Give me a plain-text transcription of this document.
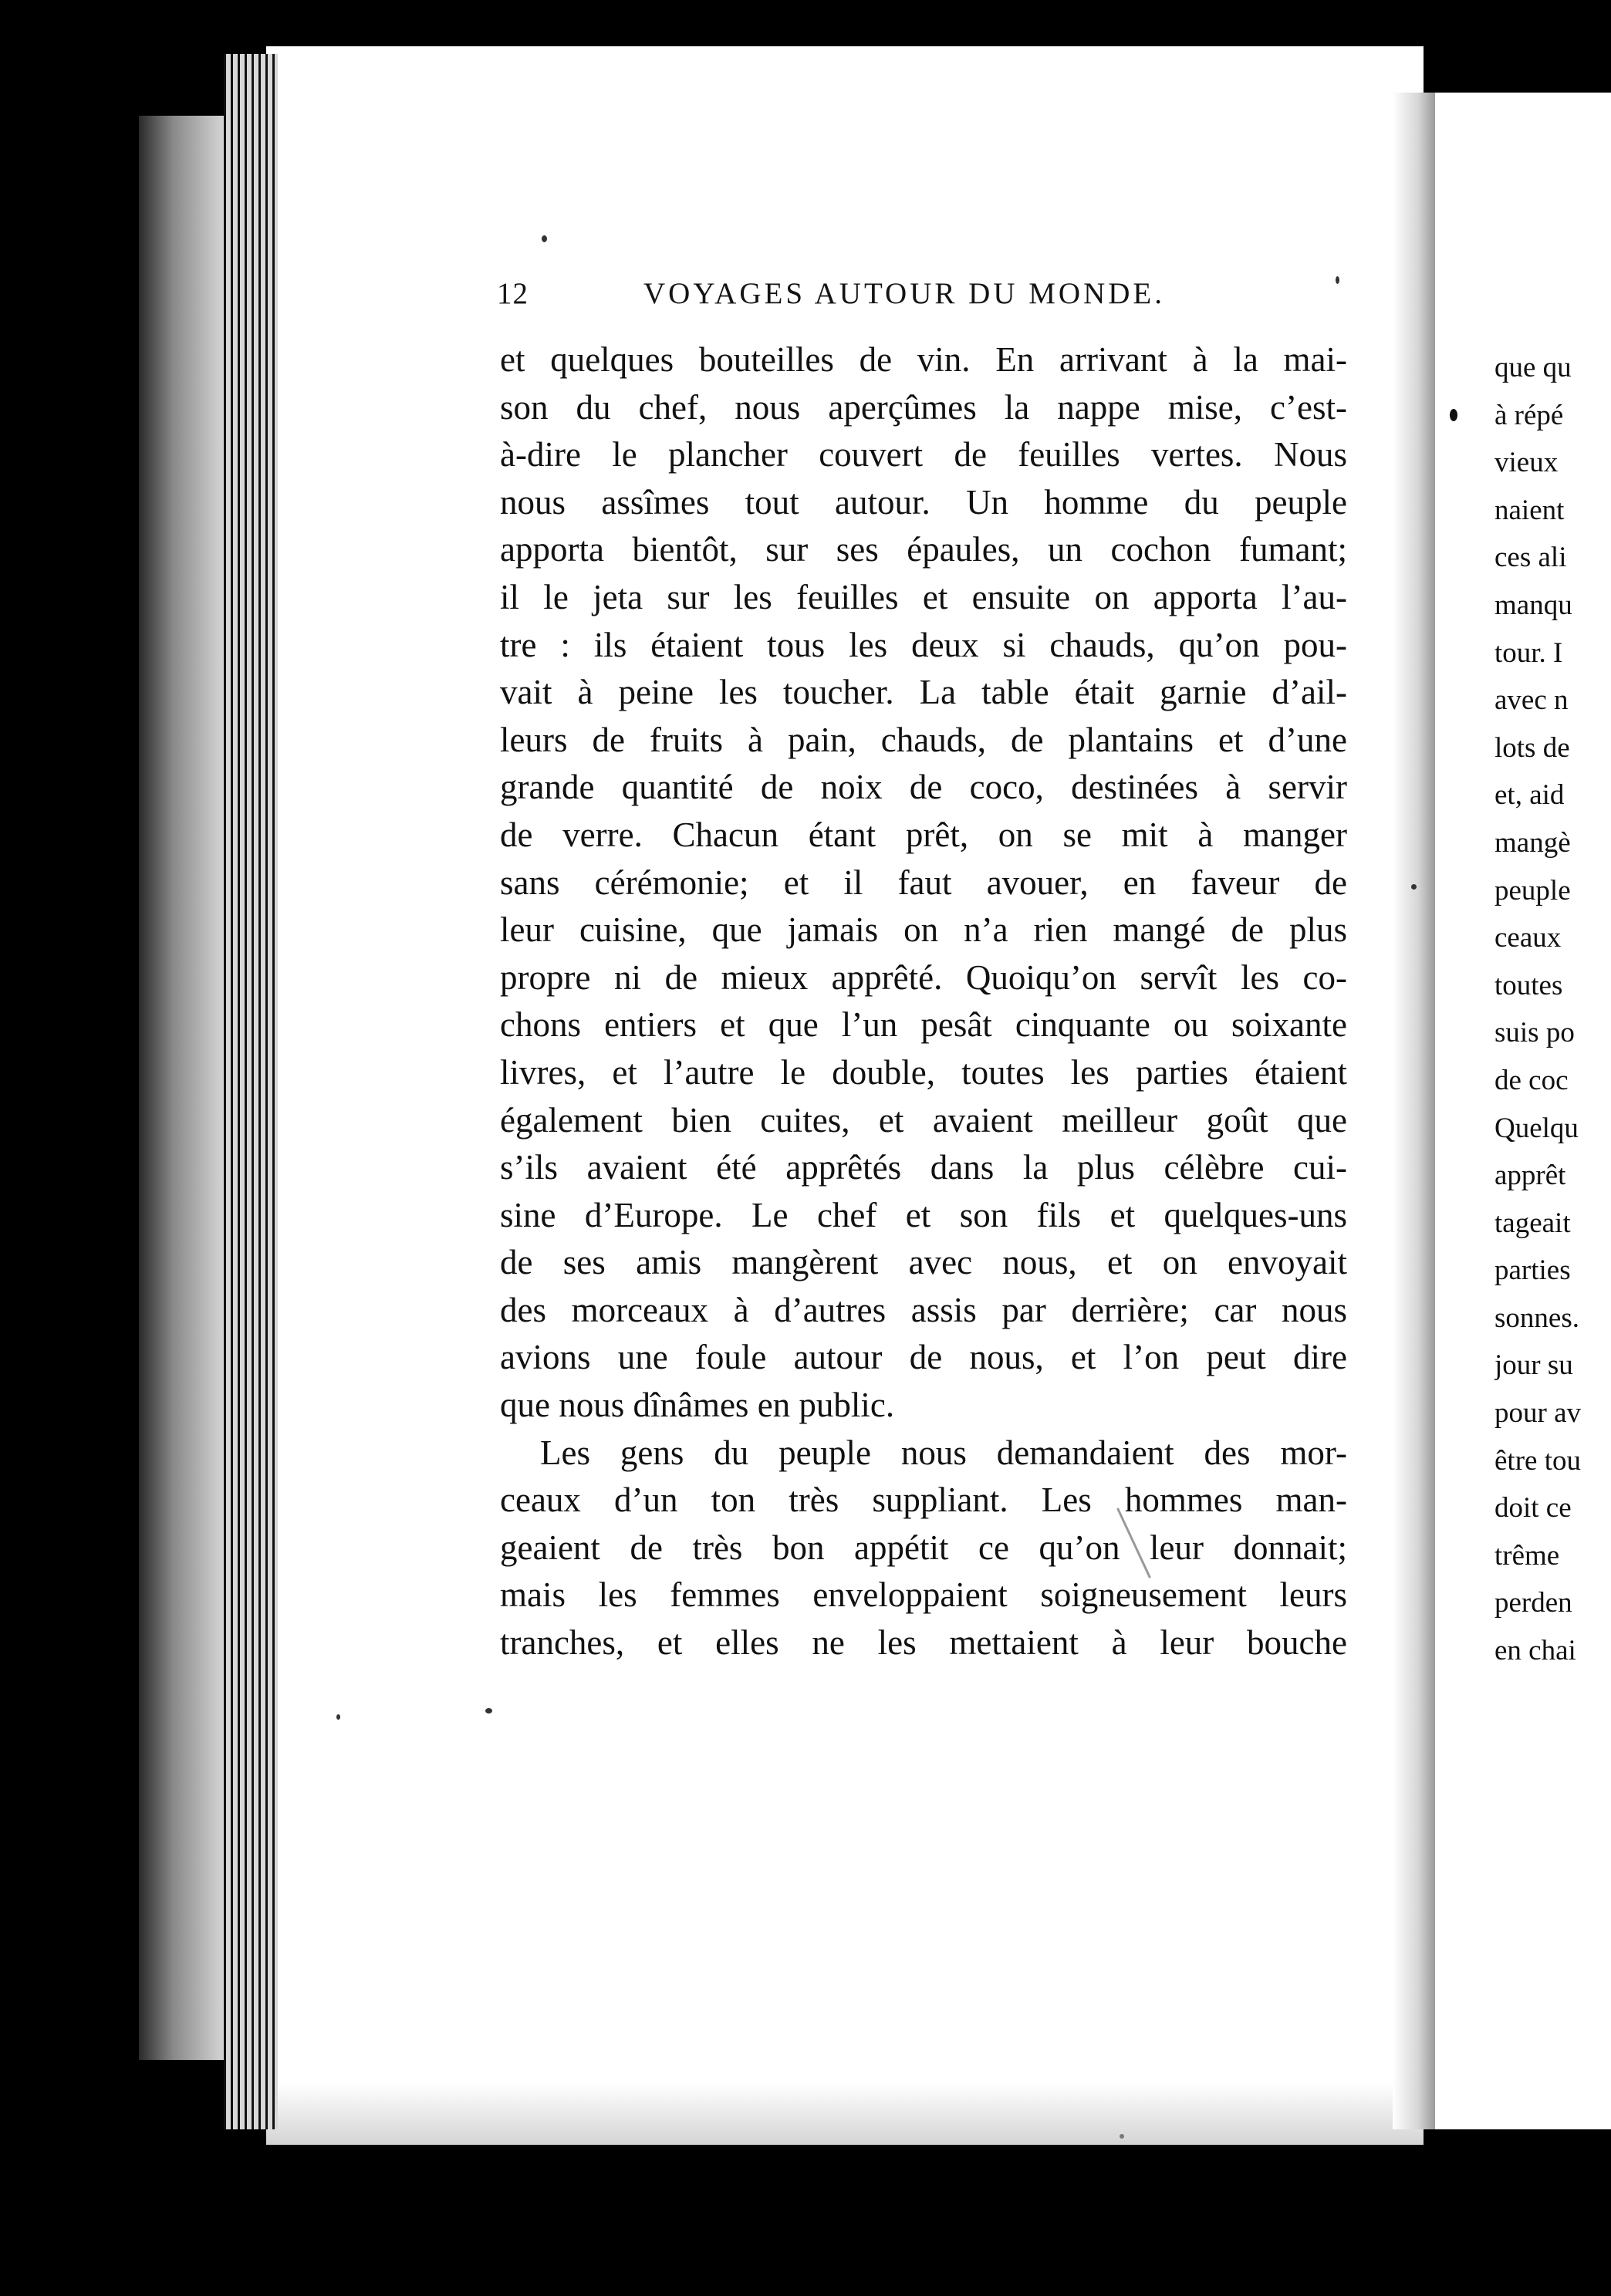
12	VOYAGES AUTOUR DU MONDE.
et quelques bouteilles de vin. En arrivant à la mai-
son du chef, nous aperçûmes la nappe mise, c’est-
à-dire le plancher couvert de feuilles vertes. Nous
nous assîmes tout autour. Un homme du peuple
apporta bientôt, sur ses épaules, un cochon fumant;
il le jeta sur les feuilles et ensuite on apporta l’au-
tre : ils étaient tous les deux si chauds, qu’on pou-
vait à peine les toucher. La table était garnie d’ail-
leurs de fruits à pain, chauds, de plantains et d’une
grande quantité de noix de coco, destinées à servir
de verre. Chacun étant prêt, on se mit à manger
sans cérémonie; et il faut avouer, en faveur de
leur cuisine, que jamais on n’a rien mangé de plus
propre ni de mieux apprêté. Quoiqu’on servît les co-
chons entiers et que l’un pesât cinquante ou soixante
livres, et l’autre le double, toutes les parties étaient
également bien cuites, et avaient meilleur goût que
s’ils avaient été apprêtés dans la plus célèbre cui-
sine d’Europe. Le chef et son fils et quelques-uns
de ses amis mangèrent avec nous, et on envoyait
des morceaux à d’autres assis par derrière; car nous
avions une foule autour de nous, et l’on peut dire
que nous dînâmes en public.
Les gens du peuple nous demandaient des mor-
ceaux d’un ton très suppliant. Les hommes man-
geaient de très bon appétit ce qu’on leur donnait;
mais les femmes enveloppaient soigneusement leurs
tranches, et elles ne les mettaient à leur bouche
que qu
à répé
vieux
naient
ces ali
manqu
tour. I
avec n
lots de
et, aid
mangè
peuple
ceaux
toutes
suis po
de coc
Quelqu
apprêt
tageait
parties
sonnes.
jour su
pour av
être tou
doit ce
trême
perden
en chai
